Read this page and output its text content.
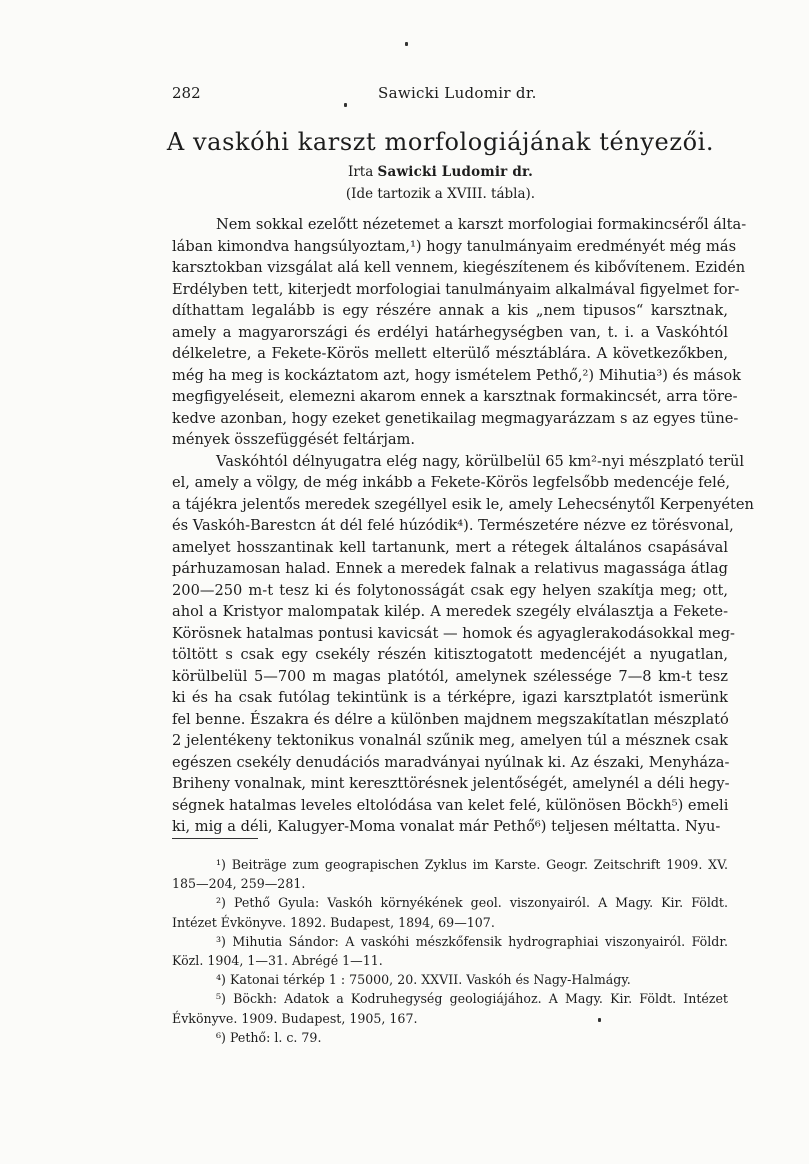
282	Sawicki Ludomir dr.
A vaskóhi karszt morfologiájának tényezői.
Irta Sawicki Ludomir dr.
(Ide tartozik a XVIII. tábla).
Nem sokkal ezelőtt nézetemet a karszt morfologiai formakincséről álta-
lában kimondva hangsúlyoztam,¹) hogy tanulmányaim eredményét még más
karsztokban vizsgálat alá kell vennem, kiegészítenem és kibővítenem. Ezidén
Erdélyben tett, kiterjedt morfologiai tanulmányaim alkalmával figyelmet for-
díthattam legalább is egy részére annak a kis „nem tipusos“ karsztnak,
amely a magyarországi és erdélyi határhegységben van, t. i. a Vaskóhtól
délkeletre, a Fekete-Körös mellett elterülő mésztáblára. A következőkben,
még ha meg is kockáztatom azt, hogy ismételem Pethő,²) Mihutia³) és mások
megfigyeléseit, elemezni akarom ennek a karsztnak formakincsét, arra töre-
kedve azonban, hogy ezeket genetikailag megmagyarázzam s az egyes tüne-
mények összefüggését feltárjam.
Vaskóhtól délnyugatra elég nagy, körülbelül 65 km²-nyi mészplató terül
el, amely a völgy, de még inkább a Fekete-Körös legfelsőbb medencéje felé,
a tájékra jelentős meredek szegéllyel esik le, amely Lehecsénytől Kerpenyéten
és Vaskóh-Barestcn át dél felé húzódik⁴). Természetére nézve ez törésvonal,
amelyet hosszantinak kell tartanunk, mert a rétegek általános csapásával
párhuzamosan halad. Ennek a meredek falnak a relativus magassága átlag
200—250 m-t tesz ki és folytonosságát csak egy helyen szakítja meg; ott,
ahol a Kristyor malompatak kilép. A meredek szegély elválasztja a Fekete-
Körösnek hatalmas pontusi kavicsát — homok és agyaglerakodásokkal meg-
töltött s csak egy csekély részén kitisztogatott medencéjét a nyugatlan,
körülbelül 5—700 m magas platótól, amelynek szélessége 7—8 km-t tesz
ki és ha csak futólag tekintünk is a térképre, igazi karsztplatót ismerünk
fel benne. Északra és délre a különben majdnem megszakítatlan mészplató
2 jelentékeny tektonikus vonalnál szűnik meg, amelyen túl a mésznek csak
egészen csekély denudációs maradványai nyúlnak ki. Az északi, Menyháza-
Briheny vonalnak, mint kereszttörésnek jelentőségét, amelynél a déli hegy-
ségnek hatalmas leveles eltolódása van kelet felé, különösen Böckh⁵) emeli
ki, mig a déli, Kalugyer-Moma vonalat már Pethő⁶) teljesen méltatta. Nyu-
¹) Beiträge zum geograpischen Zyklus im Karste. Geogr. Zeitschrift 1909. XV.
185—204, 259—281.
²) Pethő Gyula: Vaskóh környékének geol. viszonyairól. A Magy. Kir. Földt.
Intézet Évkönyve. 1892. Budapest, 1894, 69—107.
³) Mihutia Sándor: A vaskóhi mészkőfensik hydrographiai viszonyairól. Földr.
Közl. 1904, 1—31. Abrégé 1—11.
⁴) Katonai térkép 1 : 75000, 20. XXVII. Vaskóh és Nagy-Halmágy.
⁵) Böckh: Adatok a Kodruhegység geologiájához. A Magy. Kir. Földt. Intézet
Évkönyve. 1909. Budapest, 1905, 167.
⁶) Pethő: l. c. 79.
